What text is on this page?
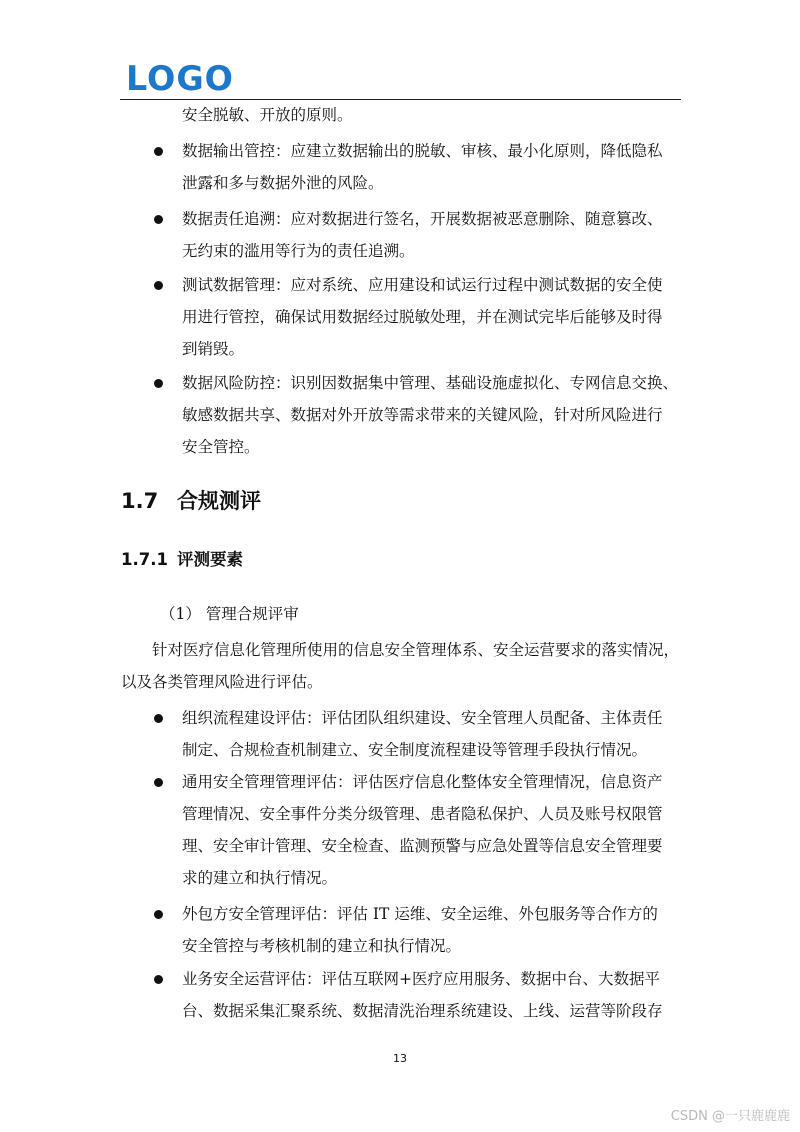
LOGO
安全脱敏、开放的原则。
数据输出管控：应建立数据输出的脱敏、审核、最小化原则，降低隐私
泄露和多与数据外泄的风险。
数据责任追溯：应对数据进行签名，开展数据被恶意删除、随意篡改、
无约束的滥用等行为的责任追溯。
测试数据管理：应对系统、应用建设和试运行过程中测试数据的安全使
用进行管控，确保试用数据经过脱敏处理，并在测试完毕后能够及时得
到销毁。
数据风险防控：识别因数据集中管理、基础设施虚拟化、专网信息交换、
敏感数据共享、数据对外开放等需求带来的关键风险，针对所风险进行
安全管控。
1.7 合规测评
1.7.1 评测要素
（1） 管理合规评审
针对医疗信息化管理所使用的信息安全管理体系、安全运营要求的落实情况，
以及各类管理风险进行评估。
组织流程建设评估：评估团队组织建设、安全管理人员配备、主体责任
制定、合规检查机制建立、安全制度流程建设等管理手段执行情况。
通用安全管理管理评估：评估医疗信息化整体安全管理情况，信息资产
管理情况、安全事件分类分级管理、患者隐私保护、人员及账号权限管
理、安全审计管理、安全检查、监测预警与应急处置等信息安全管理要
求的建立和执行情况。
外包方安全管理评估：评估 IT 运维、安全运维、外包服务等合作方的
安全管控与考核机制的建立和执行情况。
业务安全运营评估：评估互联网+医疗应用服务、数据中台、大数据平
台、数据采集汇聚系统、数据清洗治理系统建设、上线、运营等阶段存
13
CSDN @一只鹿鹿鹿
